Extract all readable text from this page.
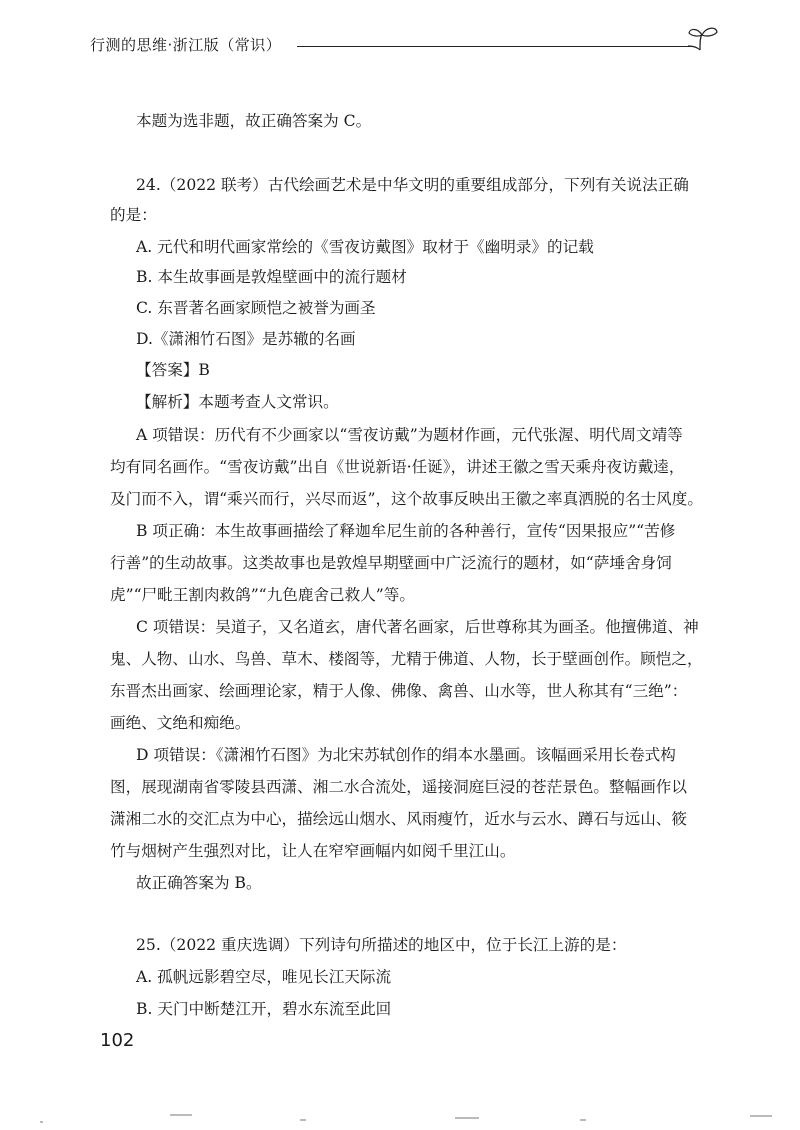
行测的思维·浙江版（常识）
本题为选非题，故正确答案为 C。
24.（2022 联考）古代绘画艺术是中华文明的重要组成部分，下列有关说法正确
的是：
A. 元代和明代画家常绘的《雪夜访戴图》取材于《幽明录》的记载
B. 本生故事画是敦煌壁画中的流行题材
C. 东晋著名画家顾恺之被誉为画圣
D.《潇湘竹石图》是苏辙的名画
【答案】B
【解析】本题考查人文常识。
A 项错误：历代有不少画家以“雪夜访戴”为题材作画，元代张渥、明代周文靖等
均有同名画作。“雪夜访戴”出自《世说新语·任诞》，讲述王徽之雪天乘舟夜访戴逵，
及门而不入，谓“乘兴而行，兴尽而返”，这个故事反映出王徽之率真洒脱的名士风度。
B 项正确：本生故事画描绘了释迦牟尼生前的各种善行，宣传“因果报应”“苦修
行善”的生动故事。这类故事也是敦煌早期壁画中广泛流行的题材，如“萨埵舍身饲
虎”“尸毗王割肉救鸽”“九色鹿舍己救人”等。
C 项错误：吴道子，又名道玄，唐代著名画家，后世尊称其为画圣。他擅佛道、神
鬼、人物、山水、鸟兽、草木、楼阁等，尤精于佛道、人物，长于壁画创作。顾恺之，
东晋杰出画家、绘画理论家，精于人像、佛像、禽兽、山水等，世人称其有“三绝”：
画绝、文绝和痴绝。
D 项错误：《潇湘竹石图》为北宋苏轼创作的绢本水墨画。该幅画采用长卷式构
图，展现湖南省零陵县西潇、湘二水合流处，遥接洞庭巨浸的苍茫景色。整幅画作以
潇湘二水的交汇点为中心，描绘远山烟水、风雨瘦竹，近水与云水、蹲石与远山、筱
竹与烟树产生强烈对比，让人在窄窄画幅内如阅千里江山。
故正确答案为 B。
25.（2022 重庆选调）下列诗句所描述的地区中，位于长江上游的是：
A. 孤帆远影碧空尽，唯见长江天际流
B. 天门中断楚江开，碧水东流至此回
102
